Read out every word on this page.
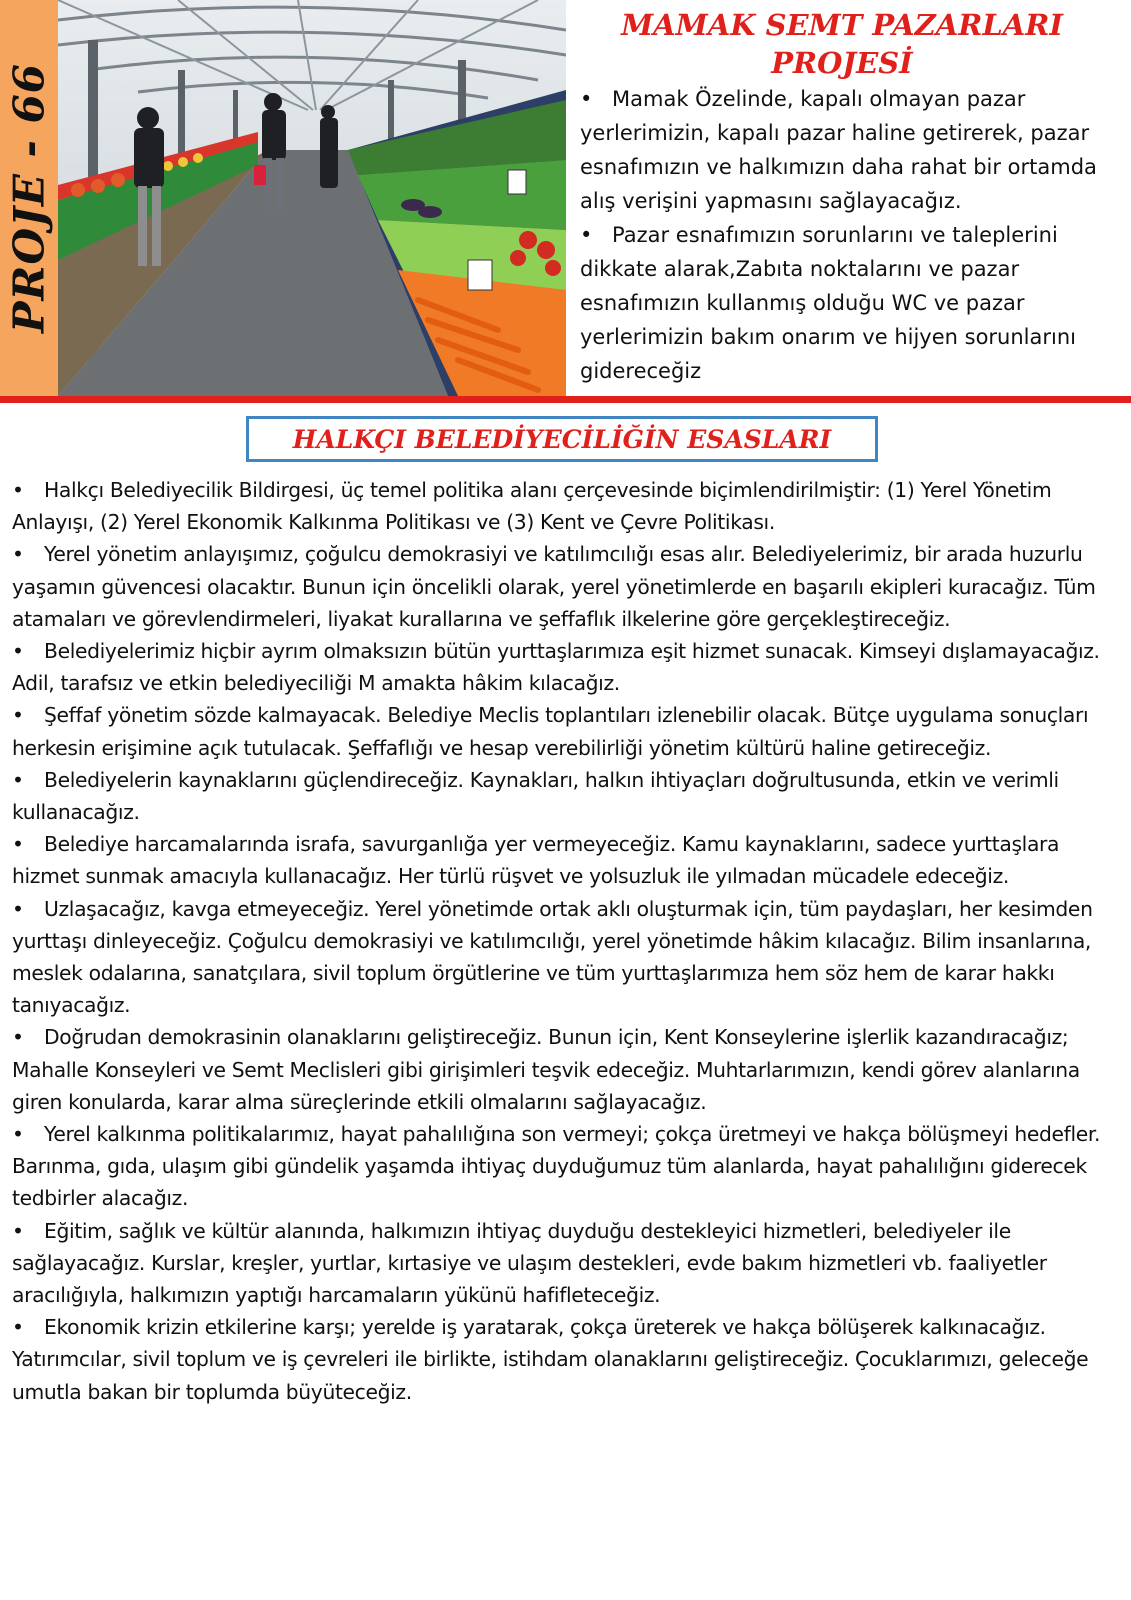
PROJE - 66
MAMAK SEMT PAZARLARI
PROJESİ

• Mamak Özelinde, kapalı olmayan pazar yerlerimizin, kapalı pazar haline getirerek, pazar esnafımızın ve halkımızın daha rahat bir ortamda alış verişini yapmasını sağlayacağız.

• Pazar esnafımızın sorunlarını ve taleplerini dikkate alarak,Zabıta noktalarını ve pazar esnafımızın kullanmış olduğu WC ve pazar yerlerimizin bakım onarım ve hijyen sorunlarını gidereceğiz

HALKÇI BELEDİYECİLİĞİN ESASLARI

• Halkçı Belediyecilik Bildirgesi, üç temel politika alanı çerçevesinde biçimlendirilmiştir: (1) Yerel Yönetim Anlayışı, (2) Yerel Ekonomik Kalkınma Politikası ve (3) Kent ve Çevre Politikası.

• Yerel yönetim anlayışımız, çoğulcu demokrasiyi ve katılımcılığı esas alır. Belediyelerimiz, bir arada huzurlu yaşamın güvencesi olacaktır. Bunun için öncelikli olarak, yerel yönetimlerde en başarılı ekipleri kuracağız. Tüm atamaları ve görevlendirmeleri, liyakat kurallarına ve şeffaflık ilkelerine göre gerçekleştireceğiz.

• Belediyelerimiz hiçbir ayrım olmaksızın bütün yurttaşlarımıza eşit hizmet sunacak. Kimseyi dışlamayacağız. Adil, tarafsız ve etkin belediyeciliği M amakta hâkim kılacağız.

• Şeffaf yönetim sözde kalmayacak. Belediye Meclis toplantıları izlenebilir olacak. Bütçe uygulama sonuçları herkesin erişimine açık tutulacak. Şeffaflığı ve hesap verebilirliği yönetim kültürü haline getireceğiz.

• Belediyelerin kaynaklarını güçlendireceğiz. Kaynakları, halkın ihtiyaçları doğrultusunda, etkin ve verimli kullanacağız.

• Belediye harcamalarında israfa, savurganlığa yer vermeyeceğiz. Kamu kaynaklarını, sadece yurttaşlara hizmet sunmak amacıyla kullanacağız. Her türlü rüşvet ve yolsuzluk ile yılmadan mücadele edeceğiz.

• Uzlaşacağız, kavga etmeyeceğiz. Yerel yönetimde ortak aklı oluşturmak için, tüm paydaşları, her kesimden yurttaşı dinleyeceğiz. Çoğulcu demokrasiyi ve katılımcılığı, yerel yönetimde hâkim kılacağız. Bilim insanlarına, meslek odalarına, sanatçılara, sivil toplum örgütlerine ve tüm yurttaşlarımıza hem söz hem de karar hakkı tanıyacağız.

• Doğrudan demokrasinin olanaklarını geliştireceğiz. Bunun için, Kent Konseylerine işlerlik kazandıracağız; Mahalle Konseyleri ve Semt Meclisleri gibi girişimleri teşvik edeceğiz. Muhtarlarımızın, kendi görev alanlarına giren konularda, karar alma süreçlerinde etkili olmalarını sağlayacağız.

• Yerel kalkınma politikalarımız, hayat pahalılığına son vermeyi; çokça üretmeyi ve hakça bölüşmeyi hedefler. Barınma, gıda, ulaşım gibi gündelik yaşamda ihtiyaç duyduğumuz tüm alanlarda, hayat pahalılığını giderecek tedbirler alacağız.

• Eğitim, sağlık ve kültür alanında, halkımızın ihtiyaç duyduğu destekleyici hizmetleri, belediyeler ile sağlayacağız. Kurslar, kreşler, yurtlar, kırtasiye ve ulaşım destekleri, evde bakım hizmetleri vb. faaliyetler

aracılığıyla, halkımızın yaptığı harcamaların yükünü hafifleteceğiz.

• Ekonomik krizin etkilerine karşı; yerelde iş yaratarak, çokça üreterek ve hakça bölüşerek kalkınacağız.

Yatırımcılar, sivil toplum ve iş çevreleri ile birlikte, istihdam olanaklarını geliştireceğiz. Çocuklarımızı, geleceğe umutla bakan bir toplumda büyüteceğiz.
